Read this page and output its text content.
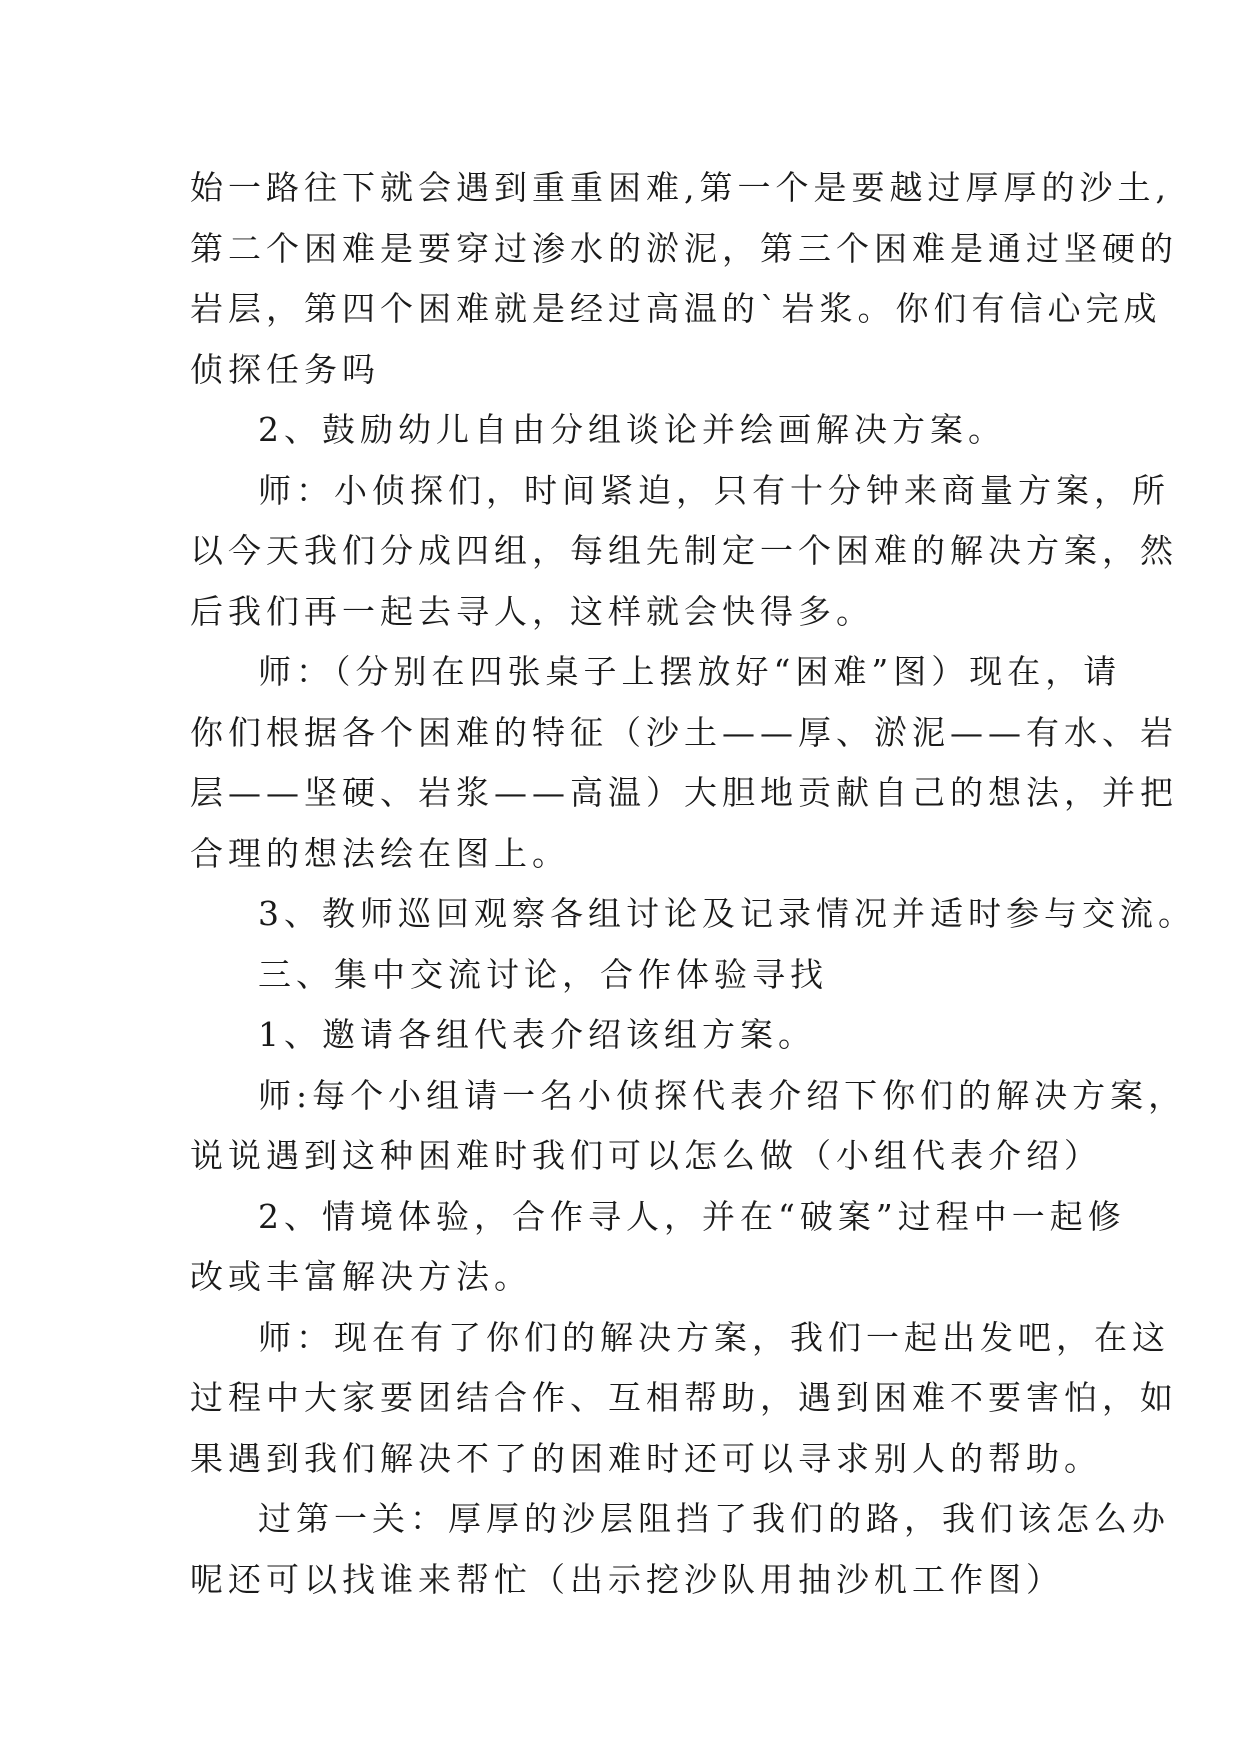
始一路往下就会遇到重重困难,第一个是要越过厚厚的沙土,
第二个困难是要穿过渗水的淤泥，第三个困难是通过坚硬的
岩层，第四个困难就是经过高温的`岩浆。你们有信心完成
侦探任务吗
2、鼓励幼儿自由分组谈论并绘画解决方案。
师：小侦探们，时间紧迫，只有十分钟来商量方案，所
以今天我们分成四组，每组先制定一个困难的解决方案，然
后我们再一起去寻人，这样就会快得多。
师：（分别在四张桌子上摆放好“困难”图）现在，请
你们根据各个困难的特征（沙土——厚、淤泥——有水、岩
层——坚硬、岩浆——高温）大胆地贡献自己的想法，并把
合理的想法绘在图上。
3、教师巡回观察各组讨论及记录情况并适时参与交流。
三、集中交流讨论，合作体验寻找
1、邀请各组代表介绍该组方案。
师:每个小组请一名小侦探代表介绍下你们的解决方案，
说说遇到这种困难时我们可以怎么做（小组代表介绍）
2、情境体验，合作寻人，并在“破案”过程中一起修
改或丰富解决方法。
师：现在有了你们的解决方案，我们一起出发吧，在这
过程中大家要团结合作、互相帮助，遇到困难不要害怕，如
果遇到我们解决不了的困难时还可以寻求别人的帮助。
过第一关：厚厚的沙层阻挡了我们的路，我们该怎么办
呢还可以找谁来帮忙（出示挖沙队用抽沙机工作图）
